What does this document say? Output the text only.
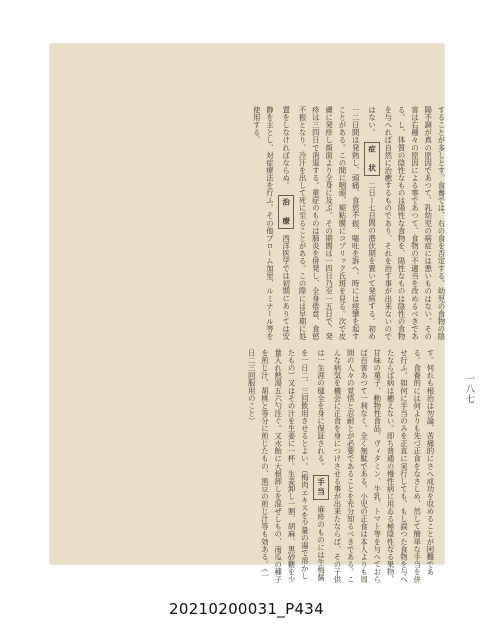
することが多しとす。食養では、右の食を否定する。幼児の食物の陰陽不調が真の原因であつて、乳幼児の病症には悪いものはない。その害は右種々の原因による事であつて、食物の不適当を改めるべきである。し、体質の陰性なものは陽性な食物を、陽性なものは陰性の食物を与へれば自然に治癒するものであり、それを治す事が出来ないのではない。 症　状 二日ー七日間の潜伏期を置いて発病する。初め一二日間は発熱し、頭痛、食慾不振、嘔吐を訴へ、時には痙攣を起すことがある。この間に咽頭、頬粘膜にコプリック氏斑を見る。次で皮膚に発疹し顔面より全身に及ぶ。その期間は一四日乃至一五日で、発疹は三四日で消退する。重症のものは肺炎を併発し、全身倦怠、食慾不振となり、冷汗を出して死に至ることがある。この際には早期に処置をしなければならぬ。 治　療 西洋医学では初期にありては安静を主とし、対症療法を行ふ。その他ブローム加里、ルミナール等を使用する。
す。何れも根治は勿論、苦痛的にさへ成功を収めることが困難である。食養的には何よりも先づ正食をなさしめ、然して簡単な手当を併せ行ふ。如何に手当のみを正直に実行しても、もし誤つた食物を与へたならば病は癒えない。即ち普通の慢性病に用ゐる極陰性なる果物、甘味の菓子、動物性食品、ヴィタミン、牛乳、トマト等を与へておらば百害あつて一利なく、全く無駄である。小児の正食は本人よりも周囲の人々の覚悟と忍耐とが必要であることを充分知るべきである。こんな病気を機会に正食を身につけさせる事が出来たならば、その子供は一生涯の健全を身に保証される。 手当 麻疹のものには生梅醤を一日二、三回飲用させるとよい。（梅肉エキスを少量の湯で溶かしたもの）又はその汁を生姜に一杯。生姜卸し一割、胡麻、黒砂糖を少量入れ熟湯五六勺注ぐ。又水飴に大根卸しを混ぜしもの、南瓜の種子を煎じ汁、胡桃と等分に煎じたもの、黒豆の煎じ汁等も効ある。（一日二三回服用のこと）	一八七
20210200031_P434
